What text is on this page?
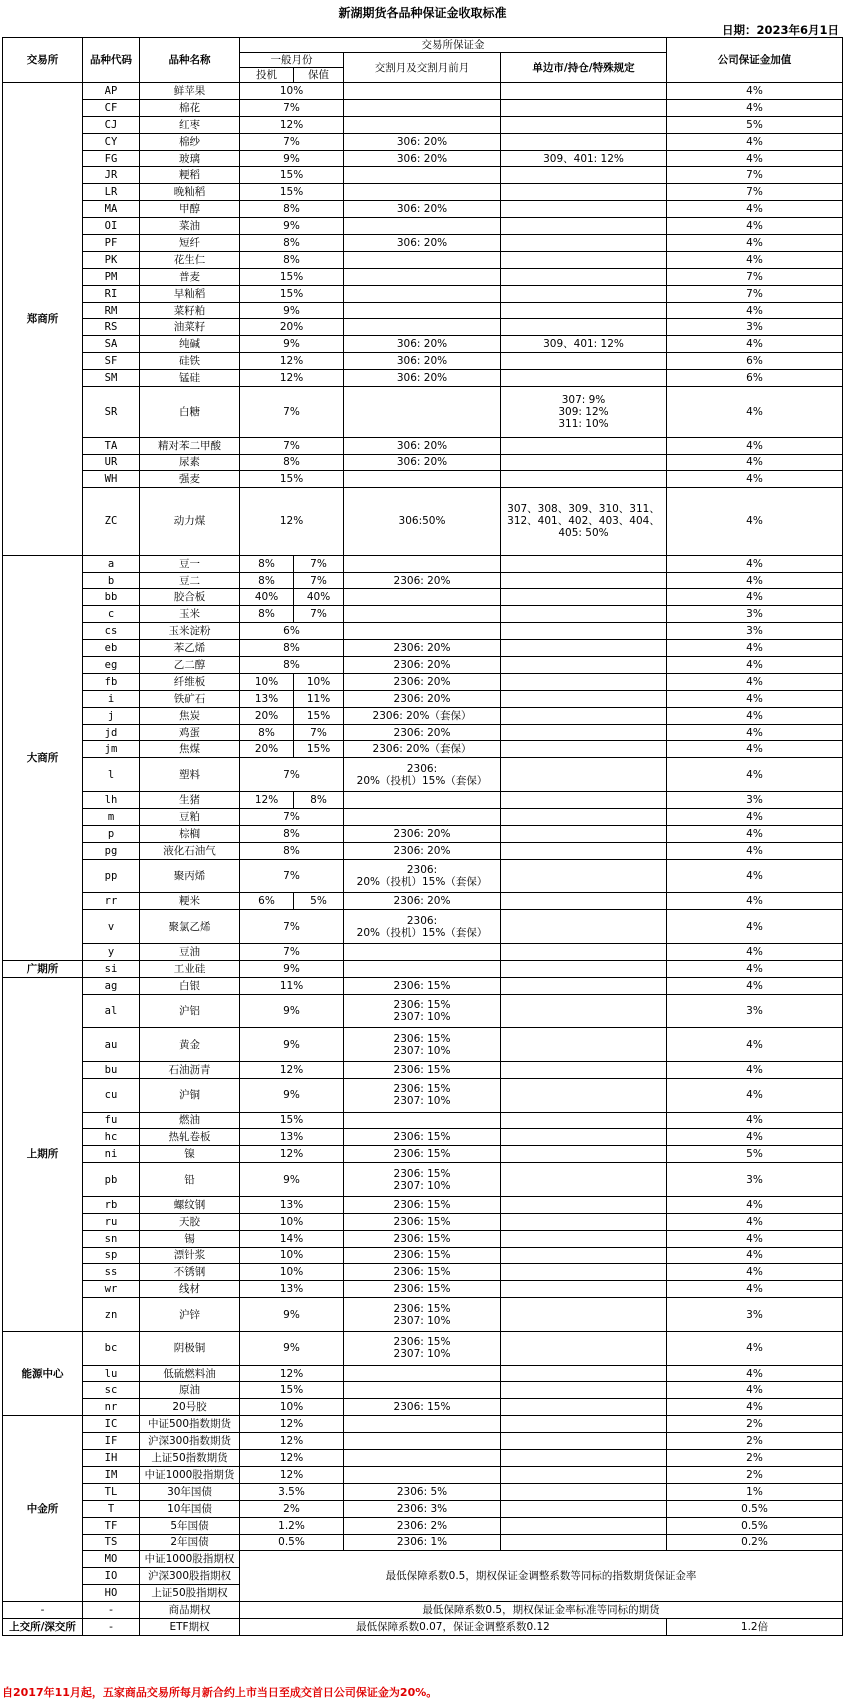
新湖期货各品种保证金收取标准
日期：2023年6月1日
交易所	品种代码	品种名称	交易所保证金				公司保证金加值
			一般月份		交割月及交割月前月	单边市/持仓/特殊规定	
			投机	保值			
郑商所	AP	鲜苹果	10%				4%
	CF	棉花	7%				4%
	CJ	红枣	12%				5%
	CY	棉纱	7%		306: 20%		4%
	FG	玻璃	9%		306: 20%	309、401: 12%	4%
	JR	粳稻	15%				7%
	LR	晚籼稻	15%				7%
	MA	甲醇	8%		306: 20%		4%
	OI	菜油	9%				4%
	PF	短纤	8%		306: 20%		4%
	PK	花生仁	8%				4%
	PM	普麦	15%				7%
	RI	早籼稻	15%				7%
	RM	菜籽粕	9%				4%
	RS	油菜籽	20%				3%
	SA	纯碱	9%		306: 20%	309、401: 12%	4%
	SF	硅铁	12%		306: 20%		6%
	SM	锰硅	12%		306: 20%		6%
	SR	白糖	7%			307: 9%
309: 12%
311: 10%	4%
	TA	精对苯二甲酸	7%		306: 20%		4%
	UR	尿素	8%		306: 20%		4%
	WH	强麦	15%				4%
	ZC	动力煤	12%		306:50%	307、308、309、310、311、
312、401、402、403、404、
405: 50%	4%
大商所	a	豆一	8%	7%			4%
	b	豆二	8%	7%	2306: 20%		4%
	bb	胶合板	40%	40%			4%
	c	玉米	8%	7%			3%
	cs	玉米淀粉	6%				3%
	eb	苯乙烯	8%		2306: 20%		4%
	eg	乙二醇	8%		2306: 20%		4%
	fb	纤维板	10%	10%	2306: 20%		4%
	i	铁矿石	13%	11%	2306: 20%		4%
	j	焦炭	20%	15%	2306: 20%（套保）		4%
	jd	鸡蛋	8%	7%	2306: 20%		4%
	jm	焦煤	20%	15%	2306: 20%（套保）		4%
	l	塑料	7%		2306:
20%（投机）15%（套保）		4%
	lh	生猪	12%	8%			3%
	m	豆粕	7%				4%
	p	棕榈	8%		2306: 20%		4%
	pg	液化石油气	8%		2306: 20%		4%
	pp	聚丙烯	7%		2306:
20%（投机）15%（套保）		4%
	rr	粳米	6%	5%	2306: 20%		4%
	v	聚氯乙烯	7%		2306:
20%（投机）15%（套保）		4%
	y	豆油	7%				4%
广期所	si	工业硅	9%				4%
上期所	ag	白银	11%		2306: 15%		4%
	al	沪铝	9%		2306: 15%
2307: 10%		3%
	au	黄金	9%		2306: 15%
2307: 10%		4%
	bu	石油沥青	12%		2306: 15%		4%
	cu	沪铜	9%		2306: 15%
2307: 10%		4%
	fu	燃油	15%				4%
	hc	热轧卷板	13%		2306: 15%		4%
	ni	镍	12%		2306: 15%		5%
	pb	铅	9%		2306: 15%
2307: 10%		3%
	rb	螺纹钢	13%		2306: 15%		4%
	ru	天胶	10%		2306: 15%		4%
	sn	锡	14%		2306: 15%		4%
	sp	漂针浆	10%		2306: 15%		4%
	ss	不锈钢	10%		2306: 15%		4%
	wr	线材	13%		2306: 15%		4%
	zn	沪锌	9%		2306: 15%
2307: 10%		3%
能源中心	bc	阴极铜	9%		2306: 15%
2307: 10%		4%
	lu	低硫燃料油	12%				4%
	sc	原油	15%				4%
	nr	20号胶	10%		2306: 15%		4%
中金所	IC	中证500指数期货	12%				2%
	IF	沪深300指数期货	12%				2%
	IH	上证50指数期货	12%				2%
	IM	中证1000股指期货	12%				2%
	TL	30年国债	3.5%		2306: 5%		1%
	T	10年国债	2%		2306: 3%		0.5%
	TF	5年国债	1.2%		2306: 2%		0.5%
	TS	2年国债	0.5%		2306: 1%		0.2%
	MO	中证1000股指期权	最低保障系数0.5，期权保证金调整系数等同标的指数期货保证金率				
	IO	沪深300股指期权					
	HO	上证50股指期权					
-	-	商品期权	最低保障系数0.5，期权保证金率标准等同标的期货				
上交所/深交所	-	ETF期权	最低保障系数0.07，保证金调整系数0.12				1.2倍
自2017年11月起，五家商品交易所每月新合约上市当日至成交首日公司保证金为20%。
